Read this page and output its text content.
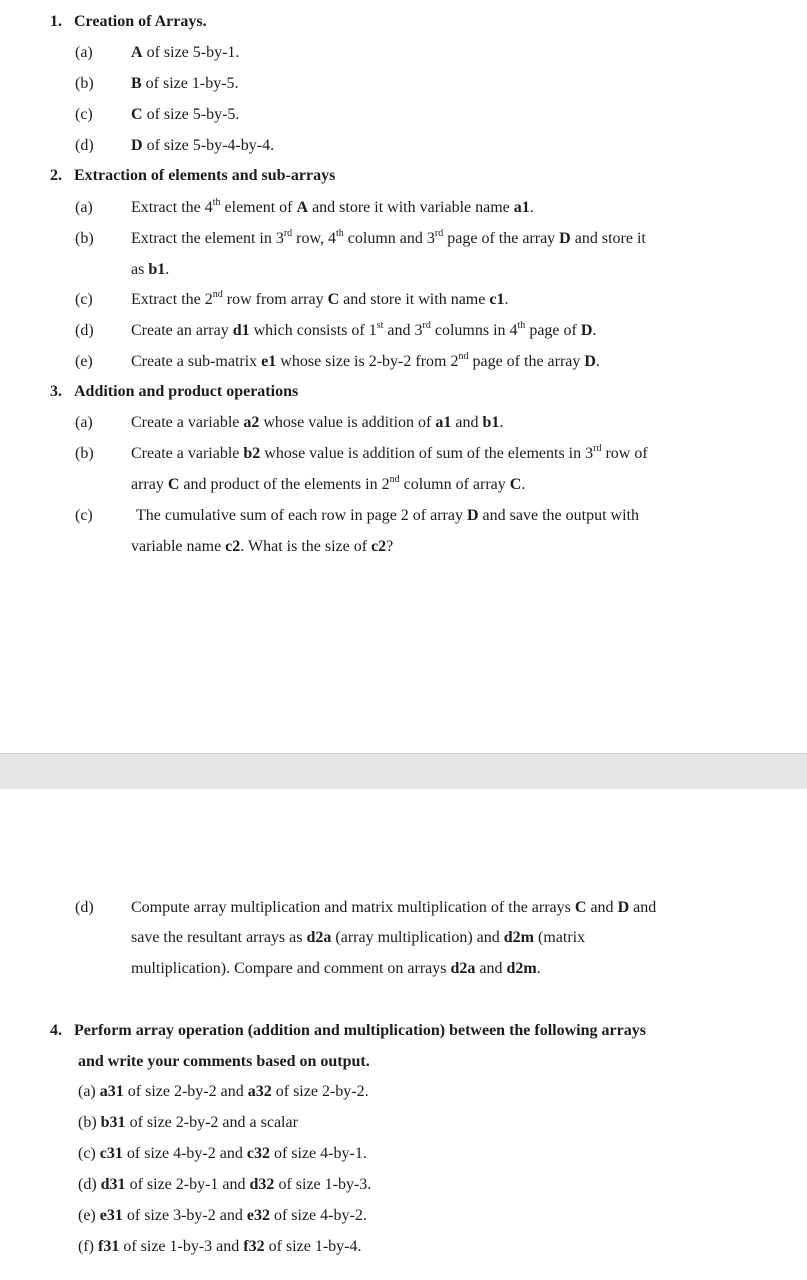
1. Creation of Arrays.
(a) A of size 5-by-1.
(b) B of size 1-by-5.
(c) C of size 5-by-5.
(d) D of size 5-by-4-by-4.
2. Extraction of elements and sub-arrays
(a) Extract the 4th element of A and store it with variable name a1.
(b) Extract the element in 3rd row, 4th column and 3rd page of the array D and store it
as b1.
(c) Extract the 2nd row from array C and store it with name c1.
(d) Create an array d1 which consists of 1st and 3rd columns in 4th page of D.
(e) Create a sub-matrix e1 whose size is 2-by-2 from 2nd page of the array D.
3. Addition and product operations
(a) Create a variable a2 whose value is addition of a1 and b1.
(b) Create a variable b2 whose value is addition of sum of the elements in 3rd row of
array C and product of the elements in 2nd column of array C.
(c)	The cumulative sum of each row in page 2 of array D and save the output with
variable name c2. What is the size of c2?
(d) Compute array multiplication and matrix multiplication of the arrays C and D and
save the resultant arrays as d2a (array multiplication) and d2m (matrix
multiplication). Compare and comment on arrays d2a and d2m.
4. Perform array operation (addition and multiplication) between the following arrays
and write your comments based on output.
(a) a31 of size 2-by-2 and a32 of size 2-by-2.
(b) b31 of size 2-by-2 and a scalar
(c) c31 of size 4-by-2 and c32 of size 4-by-1.
(d) d31 of size 2-by-1 and d32 of size 1-by-3.
(e) e31 of size 3-by-2 and e32 of size 4-by-2.
(f) f31 of size 1-by-3 and f32 of size 1-by-4.
